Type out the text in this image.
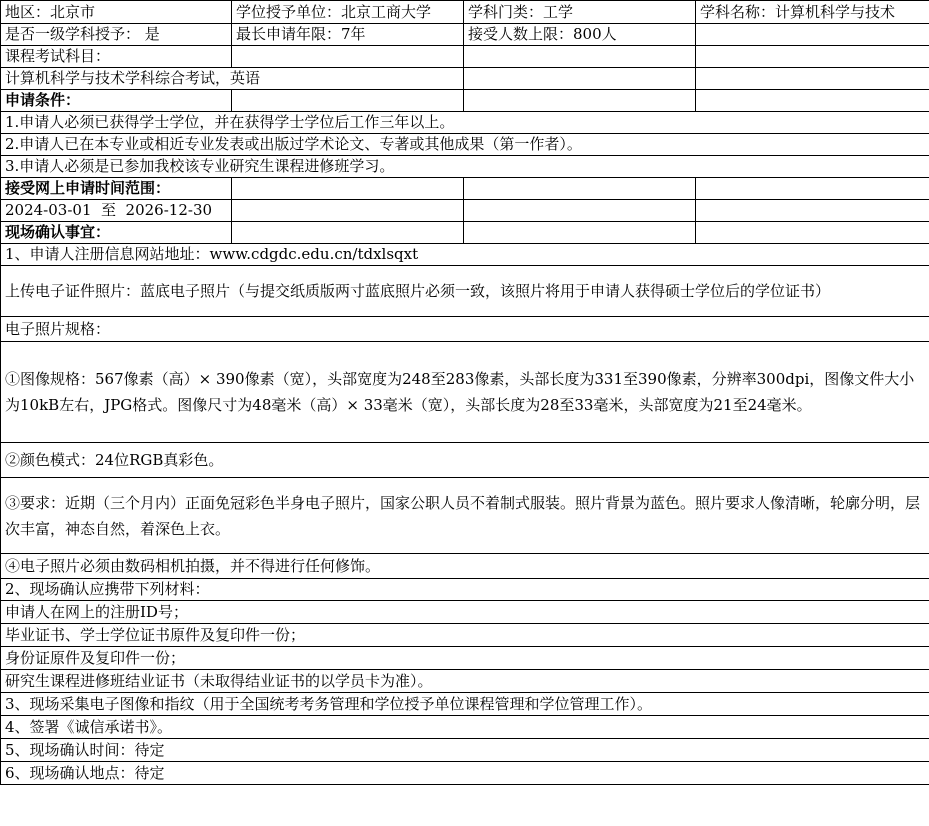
地区：北京市	学位授予单位：北京工商大学	学科门类：工学	学科名称：计算机科学与技术
是否一级学科授予： 是	最长申请年限：7年	接受人数上限：800人	
课程考试科目：			
计算机科学与技术学科综合考试，英语			
申请条件：			
1.申请人必须已获得学士学位，并在获得学士学位后工作三年以上。			
2.申请人已在本专业或相近专业发表或出版过学术论文、专著或其他成果（第一作者）。			
3.申请人必须是已参加我校该专业研究生课程进修班学习。			
接受网上申请时间范围：			
2024-03-01  至  2026-12-30			
现场确认事宜：			
1、申请人注册信息网站地址：www.cdgdc.edu.cn/tdxlsqxt			
上传电子证件照片：蓝底电子照片（与提交纸质版两寸蓝底照片必须一致，该照片将用于申请人获得硕士学位后的学位证书）			
电子照片规格：			
①图像规格：567像素（高）× 390像素（宽），头部宽度为248至283像素，头部长度为331至390像素，分辨率300dpi，图像文件大小为10kB左右，JPG格式。图像尺寸为48毫米（高）× 33毫米（宽），头部长度为28至33毫米，头部宽度为21至24毫米。			
②颜色模式：24位RGB真彩色。			
③要求：近期（三个月内）正面免冠彩色半身电子照片，国家公职人员不着制式服装。照片背景为蓝色。照片要求人像清晰，轮廓分明，层次丰富，神态自然，着深色上衣。			
④电子照片必须由数码相机拍摄，并不得进行任何修饰。			
2、现场确认应携带下列材料：			
申请人在网上的注册ID号；			
毕业证书、学士学位证书原件及复印件一份；			
身份证原件及复印件一份；			
研究生课程进修班结业证书（未取得结业证书的以学员卡为准）。			
3、现场采集电子图像和指纹（用于全国统考考务管理和学位授予单位课程管理和学位管理工作）。			
4、签署《诚信承诺书》。			
5、现场确认时间：待定			
6、现场确认地点：待定			
